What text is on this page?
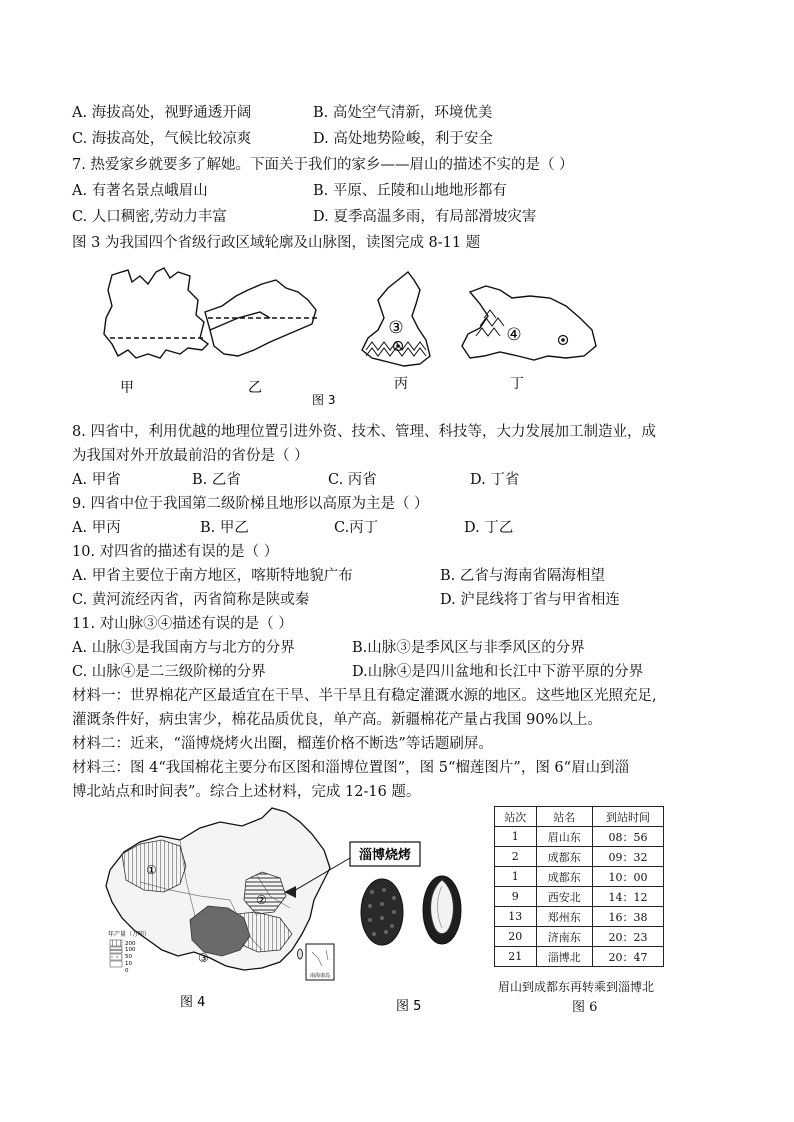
A. 海拔高处，视野通透开阔	B. 高处空气清新，环境优美
C. 海拔高处，气候比较凉爽	D. 高处地势险峻，利于安全
7. 热爱家乡就要多了解她。下面关于我们的家乡——眉山的描述不实的是（ ）
A. 有著名景点峨眉山	B. 平原、丘陵和山地地形都有
C. 人口稠密,劳动力丰富	D. 夏季高温多雨，有局部滑坡灾害
图 3 为我国四个省级行政区域轮廓及山脉图，读图完成 8-11 题
③	④
甲	乙	丙	丁
图 3
8. 四省中，利用优越的地理位置引进外资、技术、管理、科技等，大力发展加工制造业，成
为我国对外开放最前沿的省份是（ ）
A. 甲省	B. 乙省	C. 丙省	D. 丁省
9. 四省中位于我国第二级阶梯且地形以高原为主是（ ）
A. 甲丙	B. 甲乙	C.丙丁	D. 丁乙
10. 对四省的描述有误的是（ ）
A. 甲省主要位于南方地区，喀斯特地貌广布	B. 乙省与海南省隔海相望
C. 黄河流经丙省，丙省简称是陕或秦	D. 沪昆线将丁省与甲省相连
11. 对山脉③④描述有误的是（ ）
A. 山脉③是我国南方与北方的分界	B.山脉③是季风区与非季风区的分界
C. 山脉④是二三级阶梯的分界	D.山脉④是四川盆地和长江中下游平原的分界
材料一：世界棉花产区最适宜在干旱、半干旱且有稳定灌溉水源的地区。这些地区光照充足,
灌溉条件好，病虫害少，棉花品质优良，单产高。新疆棉花产量占我国 90%以上。
材料二：近来，“淄博烧烤火出圈，榴莲价格不断迭”等话题刷屏。
材料三：图 4“我国棉花主要分布区图和淄博位置图”，图 5“榴莲图片”，图 6“眉山到淄
博北站点和时间表”。综合上述材料，完成 12-16 题。
淄博烧烤
①
②
③
年产量（万吨）
200
100
50
10
0
南海诸岛
图 4	图 5
站次	站名	到站时间
1	眉山东	08：56
2	成都东	09：32
1	成都东	10：00
9	西安北	14：12
13	郑州东	16：38
20	济南东	20：23
21	淄博北	20：47
眉山到成都东再转乘到淄博北
图 6
